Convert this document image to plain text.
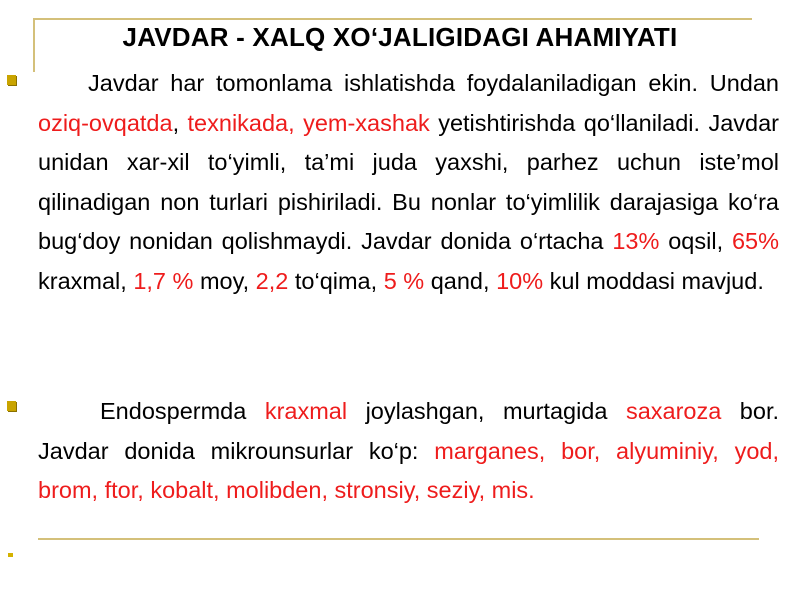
JAVDAR - XALQ XO‘JALIGIDAGI AHAMIYATI
Javdar har tomonlama ishlatishda foydalaniladigan ekin. Undan oziq-ovqatda, texnikada, yem-xashak yetishtirishda qo‘llaniladi. Javdar unidan xar-xil to‘yimli, ta’mi juda yaxshi, parhez uchun iste’mol qilinadigan non turlari pishiriladi. Bu nonlar to‘yimlilik darajasiga ko‘ra bug‘doy nonidan qolishmaydi. Javdar donida o‘rtacha 13% oqsil, 65% kraxmal, 1,7 % moy, 2,2 to‘qima, 5 % qand, 10% kul moddasi mavjud.
Endospermda kraxmal joylashgan, murtagida saxaroza bor. Javdar donida mikrounsurlar ko‘p: marganes, bor, alyuminiy, yod, brom, ftor, kobalt, molibden, stronsiy, seziy, mis.
